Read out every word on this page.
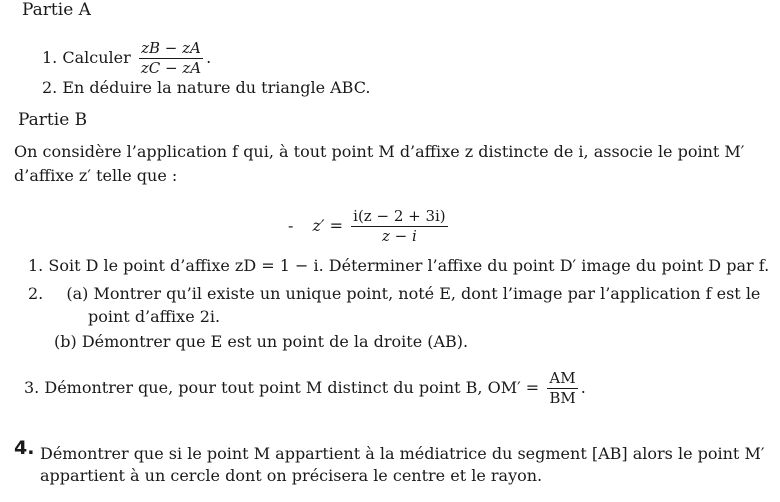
Partie A
1. Calculer $\frac{zB - zA}{zC - zA}$ .
2. En déduire la nature du triangle ABC.
Partie B
On considère l’application f qui, à tout point M d’affixe z distincte de i, associe le point M′
d’affixe z′ telle que :
- $z' = \frac{i(z - 2 + 3i)}{z - i}$
1. Soit D le point d’affixe zD = 1 − i. Déterminer l’affixe du point D′ image du point D par f.
2. (a) Montrer qu’il existe un unique point, noté E, dont l’image par l’application f est le
point d’affixe 2i.
(b) Démontrer que E est un point de la droite (AB).
3. Démontrer que, pour tout point M distinct du point B, $OM' = \frac{AM}{BM}$ .
4. Démontrer que si le point M appartient à la médiatrice du segment [AB] alors le point M′
appartient à un cercle dont on précisera le centre et le rayon.
